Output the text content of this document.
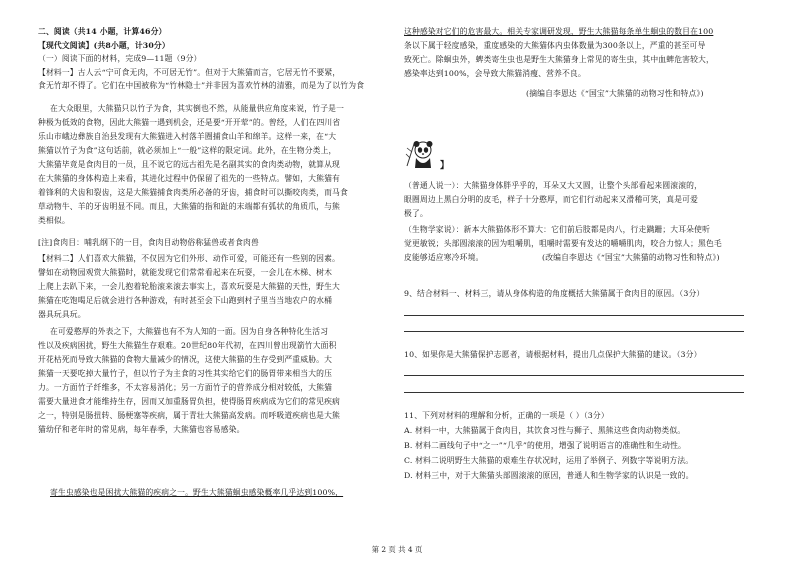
二、阅读（共14 小题，计算46分）
【现代文阅读】(共8小题，计30分）
（一）阅读下面的材料，完成9—11题（9分）
【材料一】古人云“宁可食无肉，不可居无竹”。但对于大熊猫而言，它居无竹不要紧，
食无竹却不得了。它们在中国被称为“竹林隐士”并非因为喜欢竹林的清雅，而是为了以竹为食
在大众眼里，大熊猫只以竹子为食，其实倒也不然，从能量供应角度来说，竹子是一
种极为低效的食物，因此大熊猫一遇到机会，还是要“开开荤”的。曾经，人们在四川省
乐山市峨边彝族自治县发现有大熊猫进入村落羊圈捕食山羊和绵羊。这样一来，在“大
熊猫以竹子为食”这句话前，就必须加上“一般”这样的限定词。此外，在生物分类上，
大熊猫毕竟是食肉目的一员，且不说它的远古祖先是名副其实的食肉类动物，就算从现
在大熊猫的身体构造上来看，其进化过程中仍保留了祖先的一些特点。譬如，大熊猫有
着锋利的犬齿和裂齿，这是大熊猫捕食肉类所必备的牙齿，捕食时可以撕咬肉类，而马食
草动物牛、羊的牙齿明显不同。而且，大熊猫的指和趾的末端都有弧状的角质爪，与熊
类相似。
[注]食肉目：哺乳纲下的一目，食肉目动物俗称猛兽或者食肉兽
【材料二】人们喜欢大熊猫，不仅因为它们外形、动作可爱，可能还有一些别的因素。
譬如在动物园观赏大熊猫时，就能发现它们常常看起来在玩耍，一会儿在木梯、树木
上爬上去趴下来，一会儿抱着轮胎滚来滚去事实上，喜欢玩耍是大熊猫的天性，野生大
熊猫在吃饱喝足后就会进行各种游戏，有时甚至会下山跑到村子里当当地农户的水桶
器具玩具玩。
在可爱憨厚的外表之下，大熊猫也有不为人知的一面。因为自身各种特化生活习
性以及疾病困扰，野生大熊猫生存艰难。20世纪80年代初，在四川曾出现箭竹大面积
开花枯死而导致大熊猫的食物大量减少的情况，这使大熊猫的生存受到严重威胁。大
熊猫一天要吃掉大量竹子，但以竹子为主食的习性其实给它们的肠胃带来相当大的压
力。一方面竹子纤维多，不太容易消化；另一方面竹子的营养成分相对较低，大熊猫
需要大量进食才能维持生存，因而又加重肠胃负担，使得肠胃疾病成为它们的常见疾病
之一，特别是肠扭转、肠梗塞等疾病，属于青壮大熊猫高发病。而呼吸道疾病也是大熊
猫幼仔和老年时的常见病，每年春季，大熊猫也容易感染。
寄生虫感染也是困扰大熊猫的疾病之一。野生大熊猫蛔虫感染概率几乎达到100%，
这种感染对它们的危害最大。相关专家调研发现，野生大熊猫每条单生蛔虫的数目在100
条以下属于轻度感染，重度感染的大熊猫体内虫体数量为300条以上，严重的甚至可导
致死亡。除蛔虫外，蜱类寄生虫也是野生大熊猫身上常见的寄生虫，其中血蜱危害较大，
感染率达到100%，会导致大熊猫消瘦、营养不良。
(摘编自李恩达《“国宝”大熊猫的动物习性和特点》)
】
（普通人说一）：大熊猫身体胖乎乎的，耳朵又大又圆，让整个头部看起来圆滚滚的，
眼圈周边上黑白分明的皮毛，样子十分憨厚，而它们行动起来又滑稽可笑，真是可爱
极了。
（生物学家说）：新本大熊猫体形不算大：它们前后肢都是肉八，行走蹒跚；大耳朵使听
觉更敏锐；头部圆滚滚的因为咀嚼肌，咀嚼时需要有发达的嚼嚼肌肉，咬合力惊人；黑色毛
皮能够适应寒冷环境。	(改编自李恩达《“国宝”大熊猫的动物习性和特点》)
9、结合材料一、材料三，请从身体构造的角度概括大熊猫属于食肉目的原因。（3分）
10、如果你是大熊猫保护志愿者，请根据材料，提出几点保护大熊猫的建议。（3分）
11、下列对材料的理解和分析，正确的一项是（ ）（3分）
A. 材料一中，大熊猫属于食肉目，其饮食习性与狮子、黑熊这些食肉动物类似。
B. 材料二画线句子中“之一”“几乎”的使用，增强了说明语言的准确性和生动性。
C. 材料二说明野生大熊猫的艰难生存状况时，运用了举例子、列数字等说明方法。
D. 材料三中，对于大熊猫头部圆滚滚的原因，普通人和生物学家的认识是一致的。
第 2 页 共 4 页
